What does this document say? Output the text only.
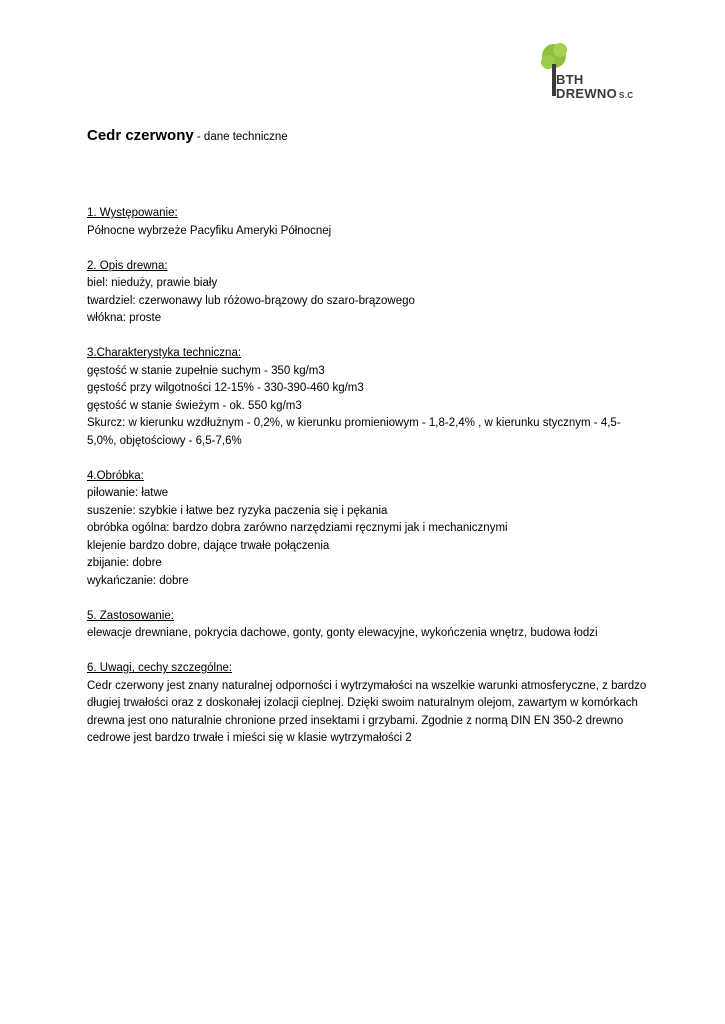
BTH
DREWNO S.C
Cedr czerwony - dane techniczne
1. Występowanie:
Północne wybrzeże Pacyfiku Ameryki Północnej
2. Opis drewna:
biel: nieduży, prawie biały
twardziel: czerwonawy lub różowo-brązowy do szaro-brązowego
włókna: proste
3.Charakterystyka techniczna:
gęstość w stanie zupełnie suchym - 350 kg/m3
gęstość przy wilgotności 12-15% - 330-390-460 kg/m3
gęstość w stanie świeżym - ok. 550 kg/m3
Skurcz: w kierunku wzdłużnym - 0,2%, w kierunku promieniowym - 1,8-2,4% , w kierunku stycznym - 4,5-5,0%, objętościowy - 6,5-7,6%
4.Obróbka:
piłowanie: łatwe
suszenie: szybkie i łatwe bez ryzyka paczenia się i pękania
obróbka ogólna: bardzo dobra zarówno narzędziami ręcznymi jak i mechanicznymi
klejenie bardzo dobre, dające trwałe połączenia
zbijanie: dobre
wykańczanie: dobre
5. Zastosowanie:
elewacje drewniane, pokrycia dachowe, gonty, gonty elewacyjne, wykończenia wnętrz, budowa łodzi
6. Uwagi, cechy szczególne:
Cedr czerwony jest znany naturalnej odporności i wytrzymałości na wszelkie warunki atmosferyczne, z bardzo długiej trwałości oraz z doskonałej izolacji cieplnej. Dzięki swoim naturalnym olejom, zawartym w komórkach drewna jest ono naturalnie chronione przed insektami i grzybami. Zgodnie z normą DIN EN 350-2 drewno cedrowe jest bardzo trwałe i mieści się w klasie wytrzymałości 2
